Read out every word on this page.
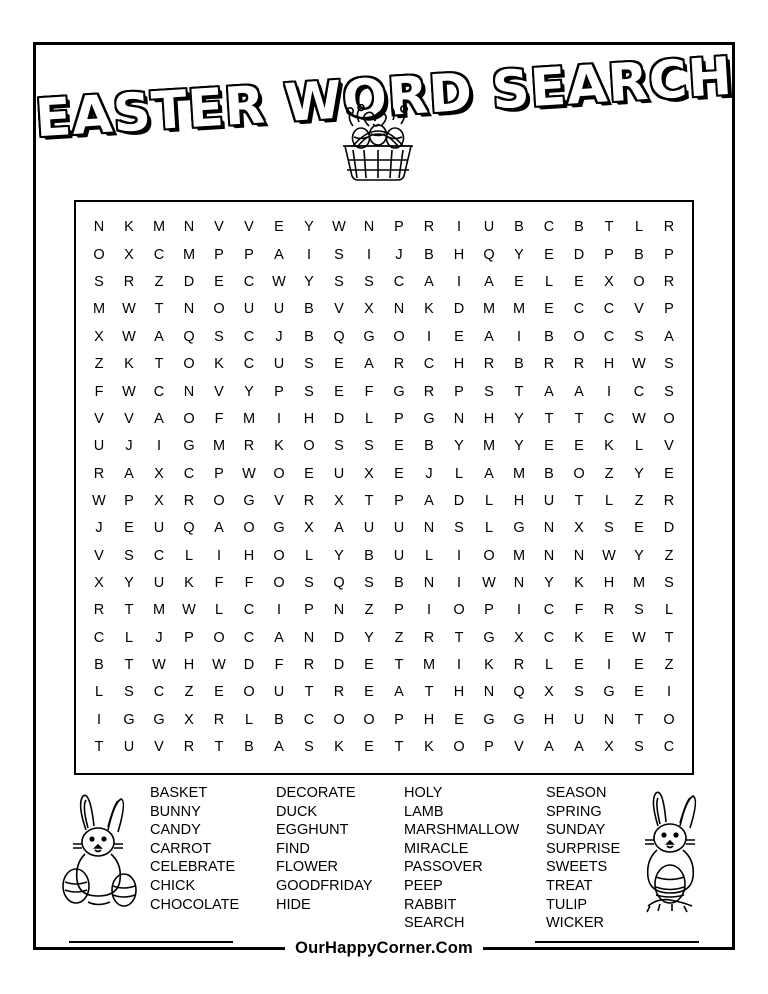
EASTER WORD SEARCH
N K M N V V E Y W N P R I U B C B T L R
O X C M P P A I S I J B H Q Y E D P B P
S R Z D E C W Y S S C A I A E L E X O R
M W T N O U U B V X N K D M M E C C V P
X W A Q S C J B Q G O I E A I B O C S A
Z K T O K C U S E A R C H R B R R H W S
F W C N V Y P S E F G R P S T A A I C S
V V A O F M I H D L P G N H Y T T C W O
U J I G M R K O S S E B Y M Y E E K L V
R A X C P W O E U X E J L A M B O Z Y E
W P X R O G V R X T P A D L H U T L Z R
J E U Q A O G X A U U N S L G N X S E D
V S C L I H O L Y B U L I O M N N W Y Z
X Y U K F F O S Q S B N I W N Y K H M S
R T M W L C I P N Z P I O P I C F R S L
C L J P O C A N D Y Z R T G X C K E W T
B T W H W D F R D E T M I K R L E I E Z
L S C Z E O U T R E A T H N Q X S G E I
I G G X R L B C O O P H E G G H U N T O
T U V R T B A S K E T K O P V A A X S C
BASKET
BUNNY
CANDY
CARROT
CELEBRATE
CHICK
CHOCOLATE
DECORATE
DUCK
EGGHUNT
FIND
FLOWER
GOODFRIDAY
HIDE
HOLY
LAMB
MARSHMALLOW
MIRACLE
PASSOVER
PEEP
RABBIT
SEARCH
SEASON
SPRING
SUNDAY
SURPRISE
SWEETS
TREAT
TULIP
WICKER
OurHappyCorner.Com
